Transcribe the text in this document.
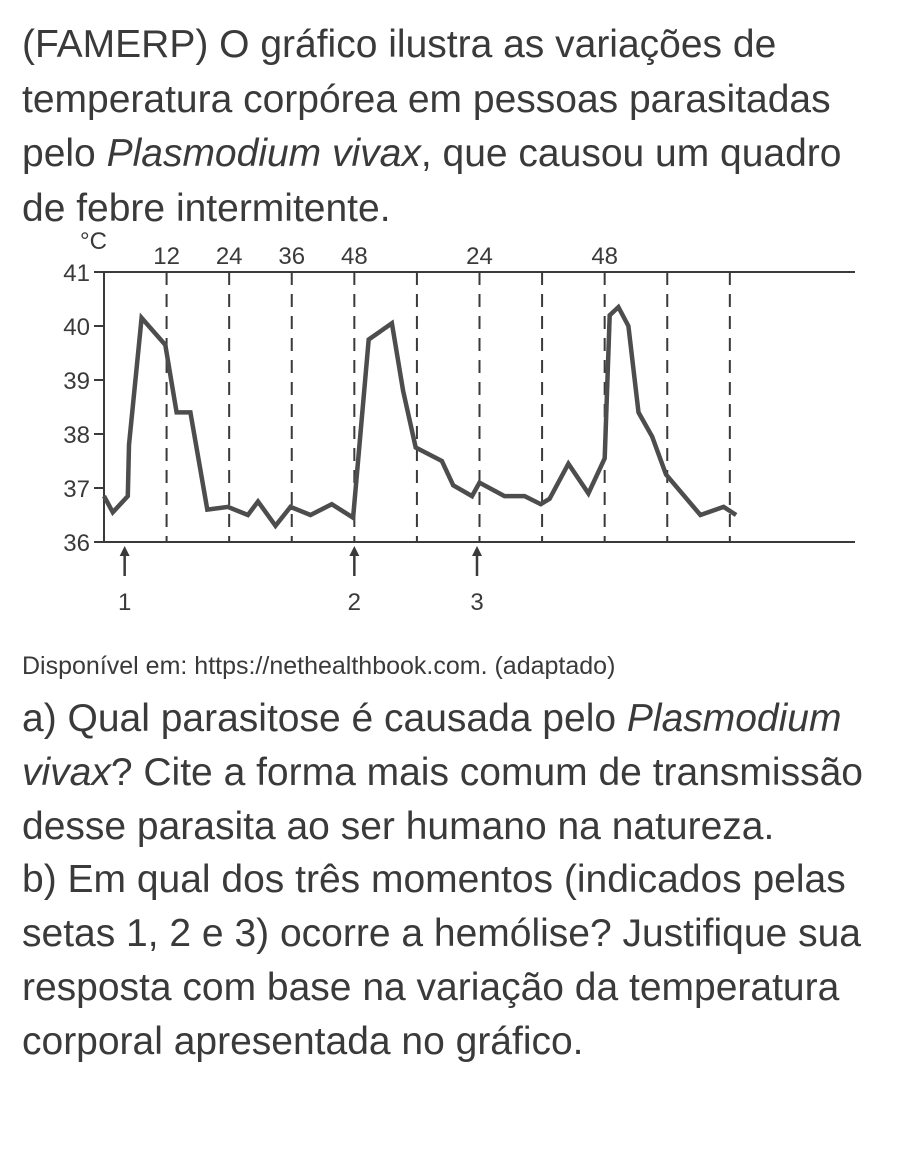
(FAMERP) O gráfico ilustra as variações de temperatura corpórea em pessoas parasitadas pelo Plasmodium vivax, que causou um quadro de febre intermitente.

36
37
38
39
40
41
°C
12 24 36 48	24	48
1	2	3

Disponível em: https://nethealthbook.com. (adaptado)

a) Qual parasitose é causada pelo Plasmodium vivax? Cite a forma mais comum de transmissão desse parasita ao ser humano na natureza.

b) Em qual dos três momentos (indicados pelas setas 1, 2 e 3) ocorre a hemólise? Justifique sua resposta com base na variação da temperatura corporal apresentada no gráfico.
